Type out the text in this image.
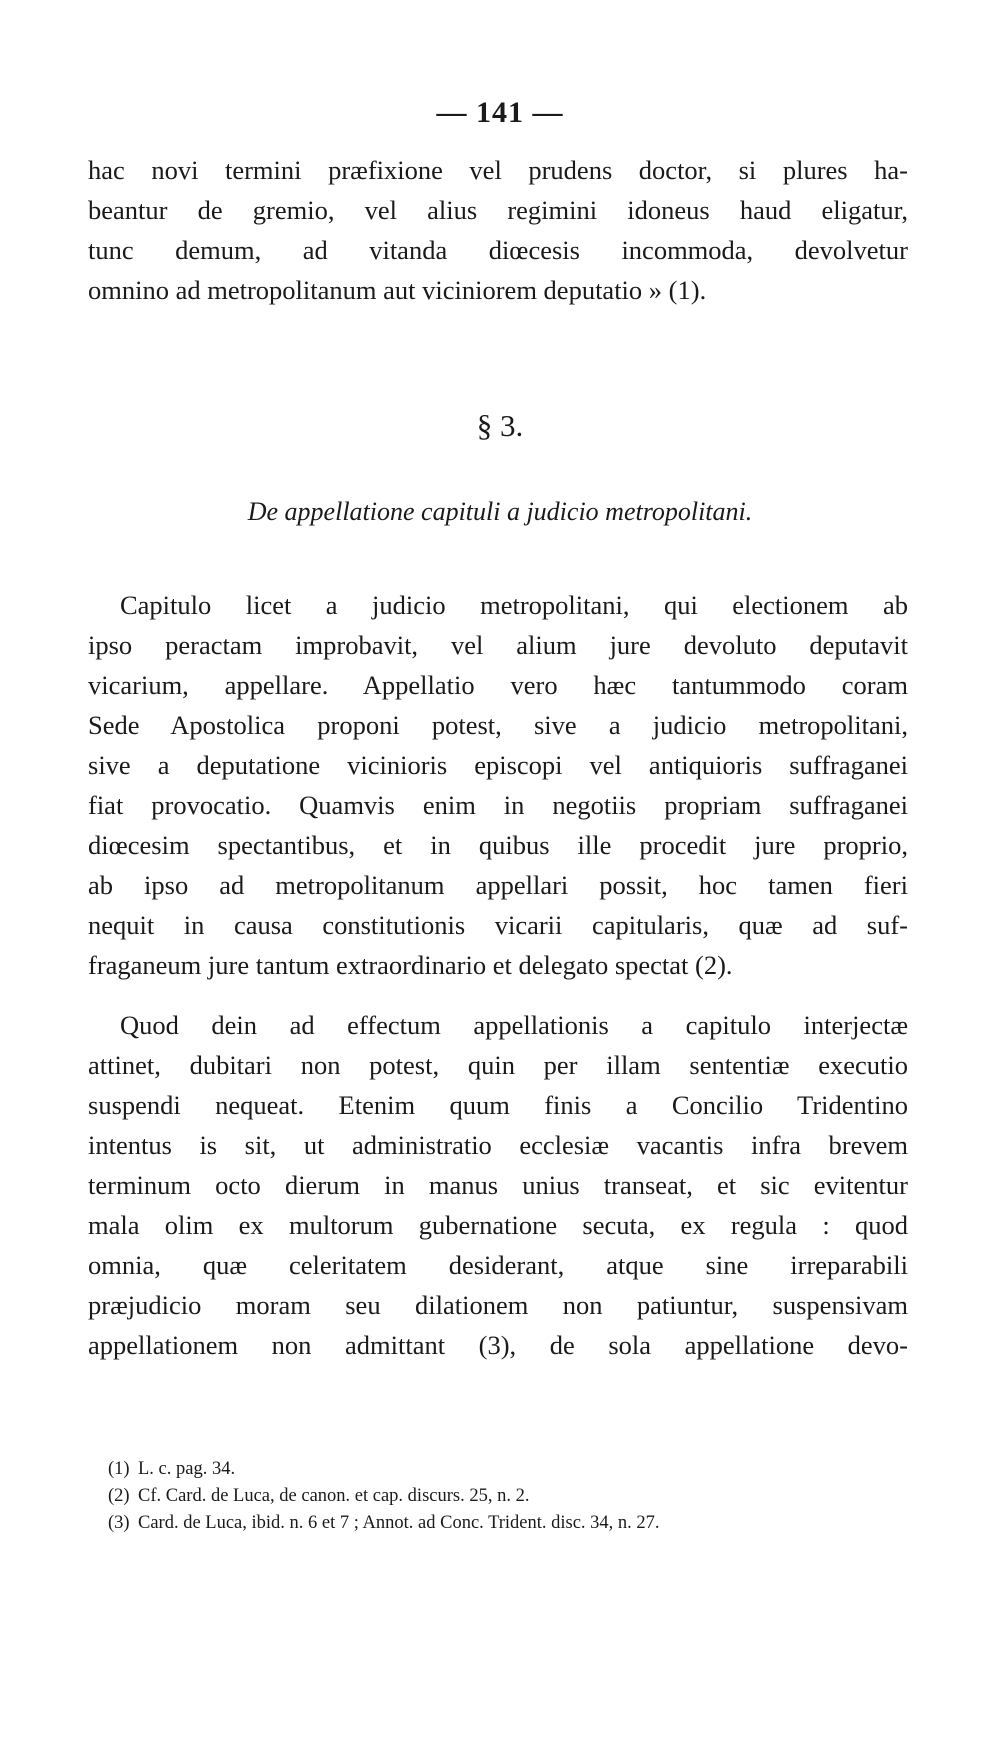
— 141 —
hac novi termini præfixione vel prudens doctor, si plures ha-
beantur de gremio, vel alius regimini idoneus haud eligatur,
tunc demum, ad vitanda diœcesis incommoda, devolvetur
omnino ad metropolitanum aut viciniorem deputatio » (1).
§ 3.
De appellatione capituli a judicio metropolitani.
Capitulo licet a judicio metropolitani, qui electionem ab
ipso peractam improbavit, vel alium jure devoluto deputavit
vicarium, appellare. Appellatio vero hæc tantummodo coram
Sede Apostolica proponi potest, sive a judicio metropolitani,
sive a deputatione vicinioris episcopi vel antiquioris suffraganei
fiat provocatio. Quamvis enim in negotiis propriam suffraganei
diœcesim spectantibus, et in quibus ille procedit jure proprio,
ab ipso ad metropolitanum appellari possit, hoc tamen fieri
nequit in causa constitutionis vicarii capitularis, quæ ad suf-
fraganeum jure tantum extraordinario et delegato spectat (2).
Quod dein ad effectum appellationis a capitulo interjectæ
attinet, dubitari non potest, quin per illam sententiæ executio
suspendi nequeat. Etenim quum finis a Concilio Tridentino
intentus is sit, ut administratio ecclesiæ vacantis infra brevem
terminum octo dierum in manus unius transeat, et sic evitentur
mala olim ex multorum gubernatione secuta, ex regula : quod
omnia, quæ celeritatem desiderant, atque sine irreparabili
præjudicio moram seu dilationem non patiuntur, suspensivam
appellationem non admittant (3), de sola appellatione devo-
(1) L. c. pag. 34.
(2) Cf. Card. de Luca, de canon. et cap. discurs. 25, n. 2.
(3) Card. de Luca, ibid. n. 6 et 7 ; Annot. ad Conc. Trident. disc. 34, n. 27.
